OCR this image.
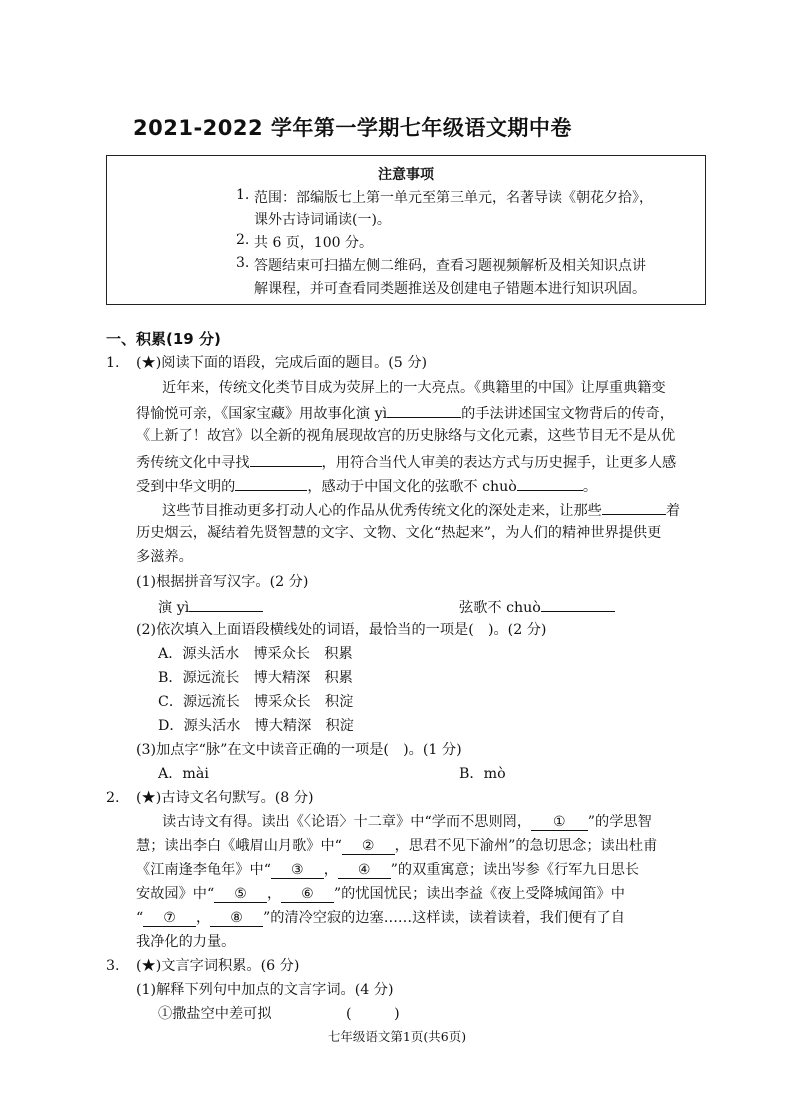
2021-2022 学年第一学期七年级语文期中卷
注意事项
1. 范围：部编版七上第一单元至第三单元，名著导读《朝花夕拾》，
课外古诗词诵读(一)。
2. 共 6 页，100 分。
3. 答题结束可扫描左侧二维码，查看习题视频解析及相关知识点讲
解课程，并可查看同类题推送及创建电子错题本进行知识巩固。
一、积累(19 分)
1. (★)阅读下面的语段，完成后面的题目。(5 分)
近年来，传统文化类节目成为荧屏上的一大亮点。《典籍里的中国》让厚重典籍变
得愉悦可亲，《国家宝藏》用故事化演 yì	的手法讲述国宝文物背后的传奇，
《上新了！故宫》以全新的视角展现故宫的历史脉络与文化元素，这些节目无不是从优
秀传统文化中寻找	，用符合当代人审美的表达方式与历史握手，让更多人感
受到中华文明的	，感动于中国文化的弦歌不 chuò	。
这些节目推动更多打动人心的作品从优秀传统文化的深处走来，让那些	着
历史烟云，凝结着先贤智慧的文字、文物、文化“热起来”，为人们的精神世界提供更
多滋养。
(1)根据拼音写汉字。(2 分)
演 yì	弦歌不 chuò
(2)依次填入上面语段横线处的词语，最恰当的一项是(　)。(2 分)
A．源头活水　博采众长　积累
B．源远流长　博大精深　积累
C．源远流长　博采众长　积淀
D．源头活水　博大精深　积淀
(3)加点字“脉”在文中读音正确的一项是(　)。(1 分)
A．mài	B．mò
2. (★)古诗文名句默写。(8 分)
读古诗文有得。读出《〈论语〉十二章》中“学而不思则罔， ① ”的学思智
慧；读出李白《峨眉山月歌》中“ ② ，思君不见下渝州”的急切思念；读出杜甫
《江南逢李龟年》中“ ③ ， ④ ”的双重寓意；读出岑参《行军九日思长
安故园》中“ ⑤ ， ⑥ ”的忧国忧民；读出李益《夜上受降城闻笛》中
“ ⑦ ， ⑧ ”的清冷空寂的边塞……这样读，读着读着，我们便有了自
我净化的力量。
3. (★)文言字词积累。(6 分)
(1)解释下列句中加点的文言字词。(4 分)
①撒盐空中差可拟	(　　　)
七年级语文第1页(共6页)
